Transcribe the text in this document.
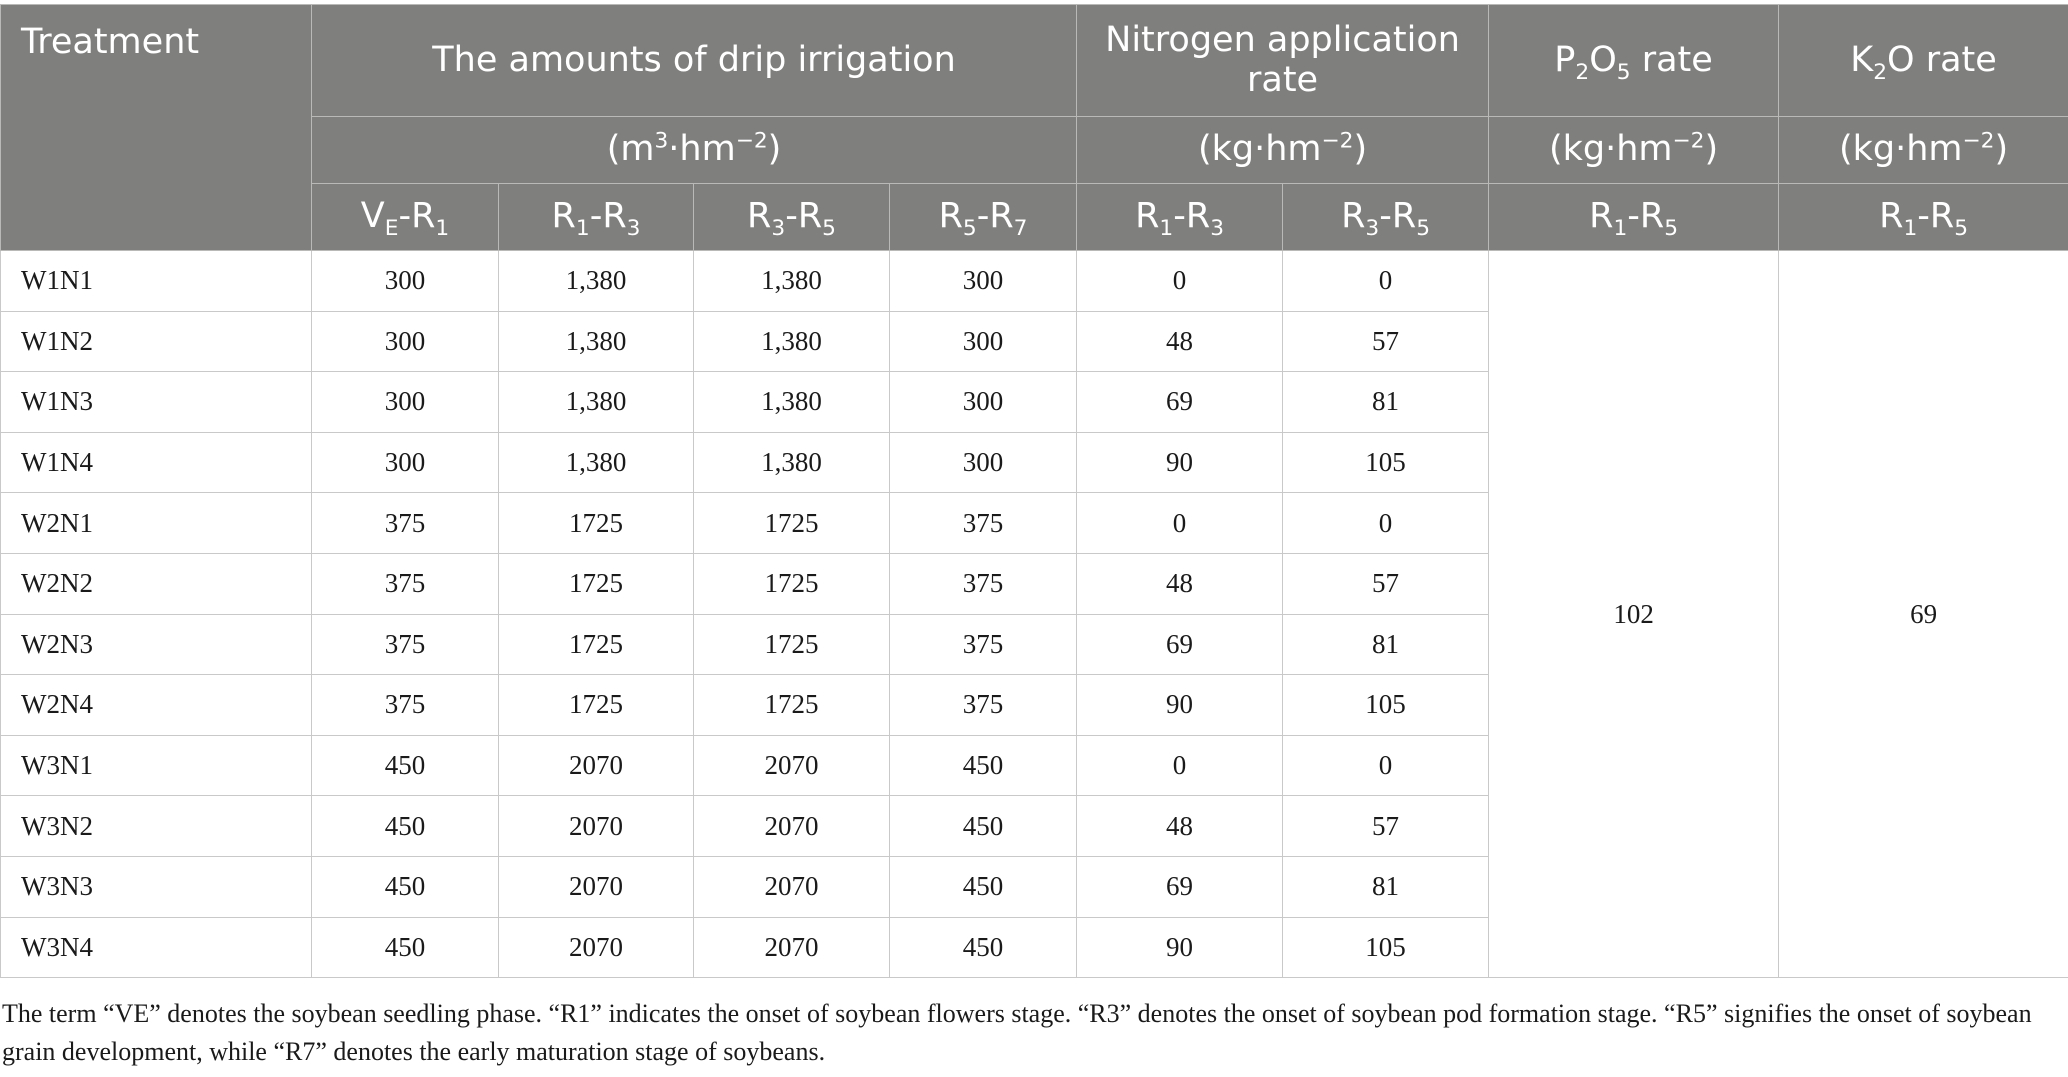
Treatment	The amounts of drip irrigation				Nitrogen application rate		$P_2O_5$ rate	$K_2O$ rate
	$(m^3\cdot hm^{-2})$				$(kg\cdot hm^{-2})$		$(kg\cdot hm^{-2})$	$(kg\cdot hm^{-2})$
	$V_E-R_1$	$R_1-R_3$	$R_3-R_5$	$R_5-R_7$	$R_1-R_3$	$R_3-R_5$	$R_1-R_5$	$R_1-R_5$
W1N1	300	1,380	1,380	300	0	0	102	69
W1N2	300	1,380	1,380	300	48	57		
W1N3	300	1,380	1,380	300	69	81		
W1N4	300	1,380	1,380	300	90	105		
W2N1	375	1725	1725	375	0	0		
W2N2	375	1725	1725	375	48	57		
W2N3	375	1725	1725	375	69	81		
W2N4	375	1725	1725	375	90	105		
W3N1	450	2070	2070	450	0	0		
W3N2	450	2070	2070	450	48	57		
W3N3	450	2070	2070	450	69	81		
W3N4	450	2070	2070	450	90	105		

The term “VE” denotes the soybean seedling phase. “R1” indicates the onset of soybean flowers stage. “R3” denotes the onset of soybean pod formation stage. “R5” signifies the onset of soybean grain development, while “R7” denotes the early maturation stage of soybeans.
